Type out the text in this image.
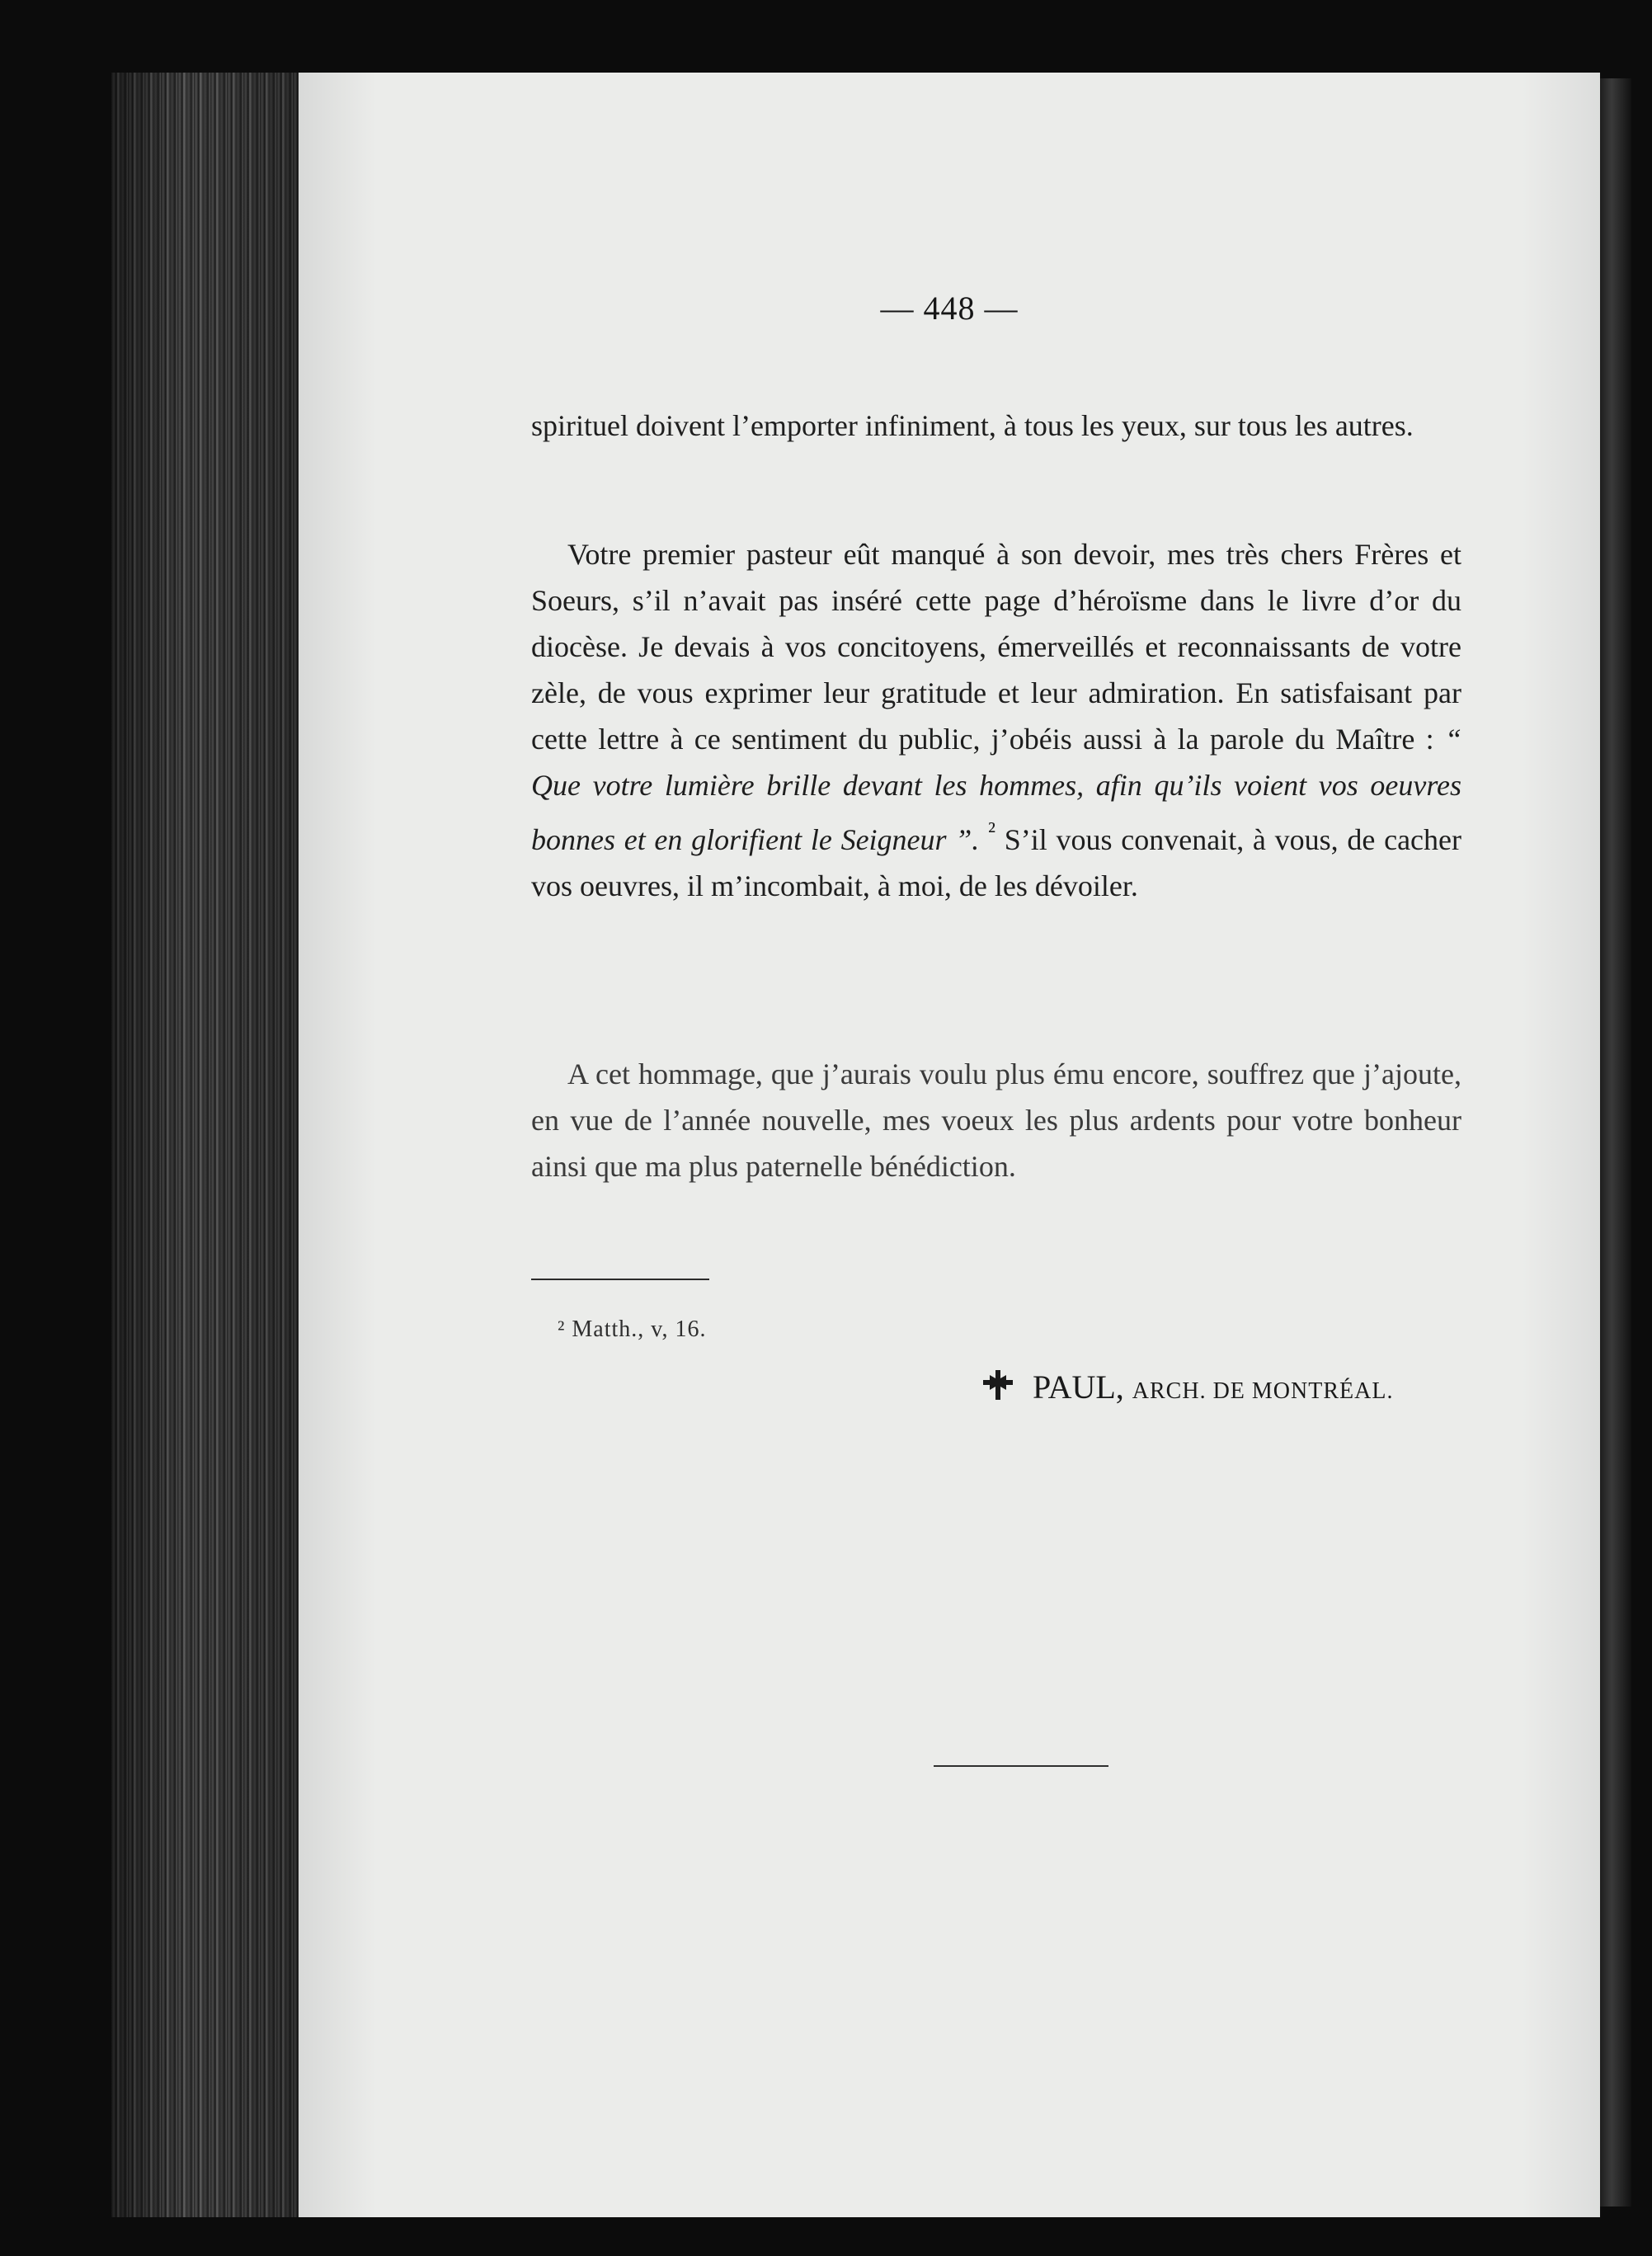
— 448 —

spirituel doivent l’emporter infiniment, à tous les yeux, sur tous les autres.

Votre premier pasteur eût manqué à son devoir, mes très chers Frères et Soeurs, s’il n’avait pas inséré cette page d’héroïsme dans le livre d’or du diocèse. Je devais à vos concitoyens, émerveillés et reconnaissants de votre zèle, de vous exprimer leur gratitude et leur admiration. En satisfaisant par cette lettre à ce sentiment du public, j’obéis aussi à la parole du Maître : “ Que votre lumière brille devant les hommes, afin qu’ils voient vos oeuvres bonnes et en glorifient le Seigneur ”. $^{^2}$ S’il vous convenait, à vous, de cacher vos oeuvres, il m’incombait, à moi, de les dévoiler.

A cet hommage, que j’aurais voulu plus ému encore, souffrez que j’ajoute, en vue de l’année nouvelle, mes voeux les plus ardents pour votre bonheur ainsi que ma plus paternelle bénédiction.

² Matth., v, 16.
PAUL, ARCH. DE MONTRÉAL.
